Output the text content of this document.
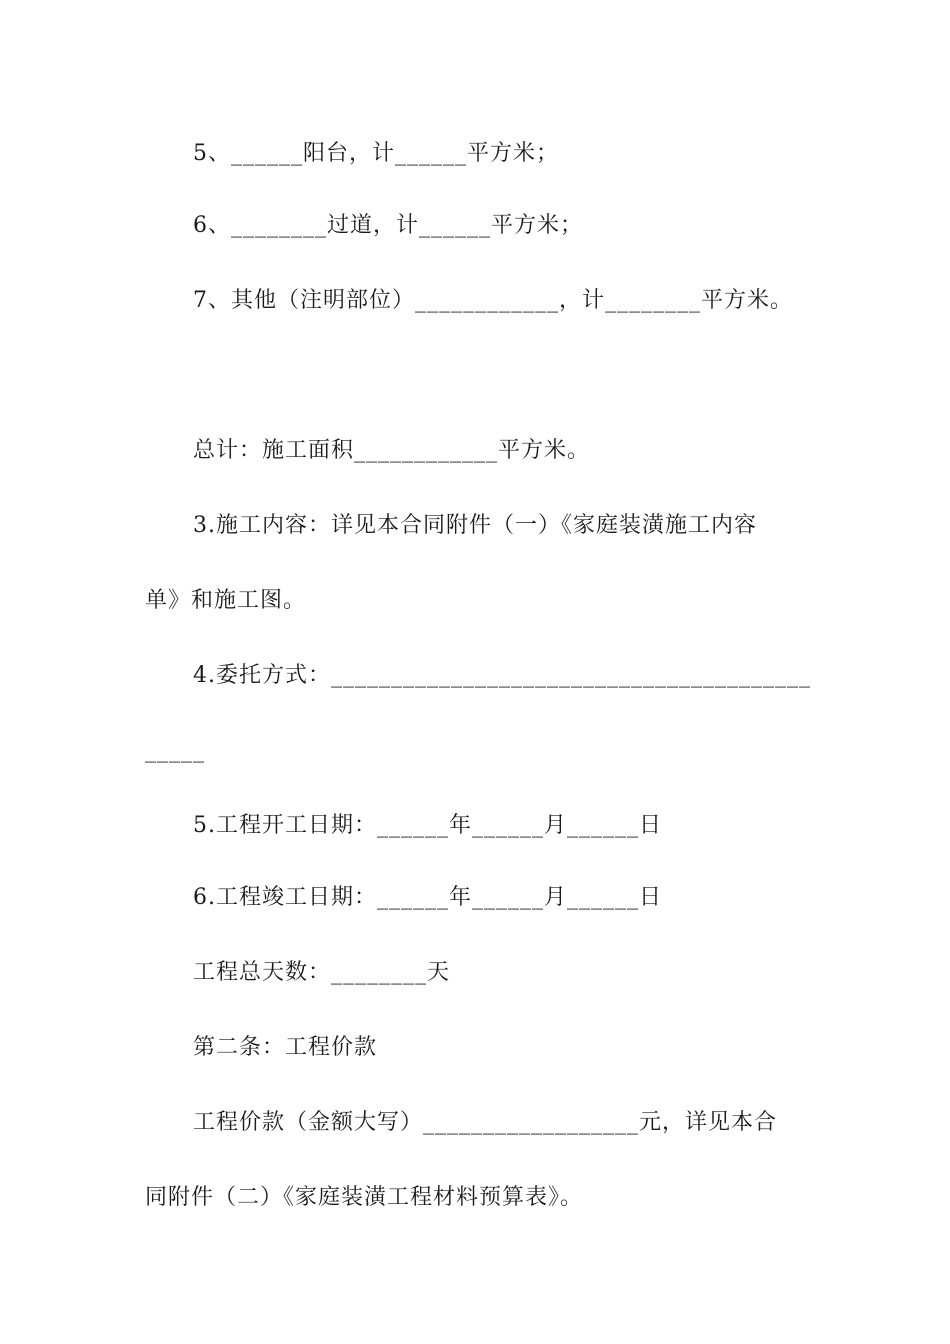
5、______阳台，计______平方米；
6、________过道，计______平方米；
7、其他（注明部位）____________，计________平方米。
总计：施工面积____________平方米。
3.施工内容：详见本合同附件（一）《家庭装潢施工内容
单》和施工图。
4.委托方式：________________________________________
_____
5.工程开工日期：______年______月______日
6.工程竣工日期：______年______月______日
工程总天数：________天
第二条：工程价款
工程价款（金额大写）__________________元，详见本合
同附件（二）《家庭装潢工程材料预算表》。
